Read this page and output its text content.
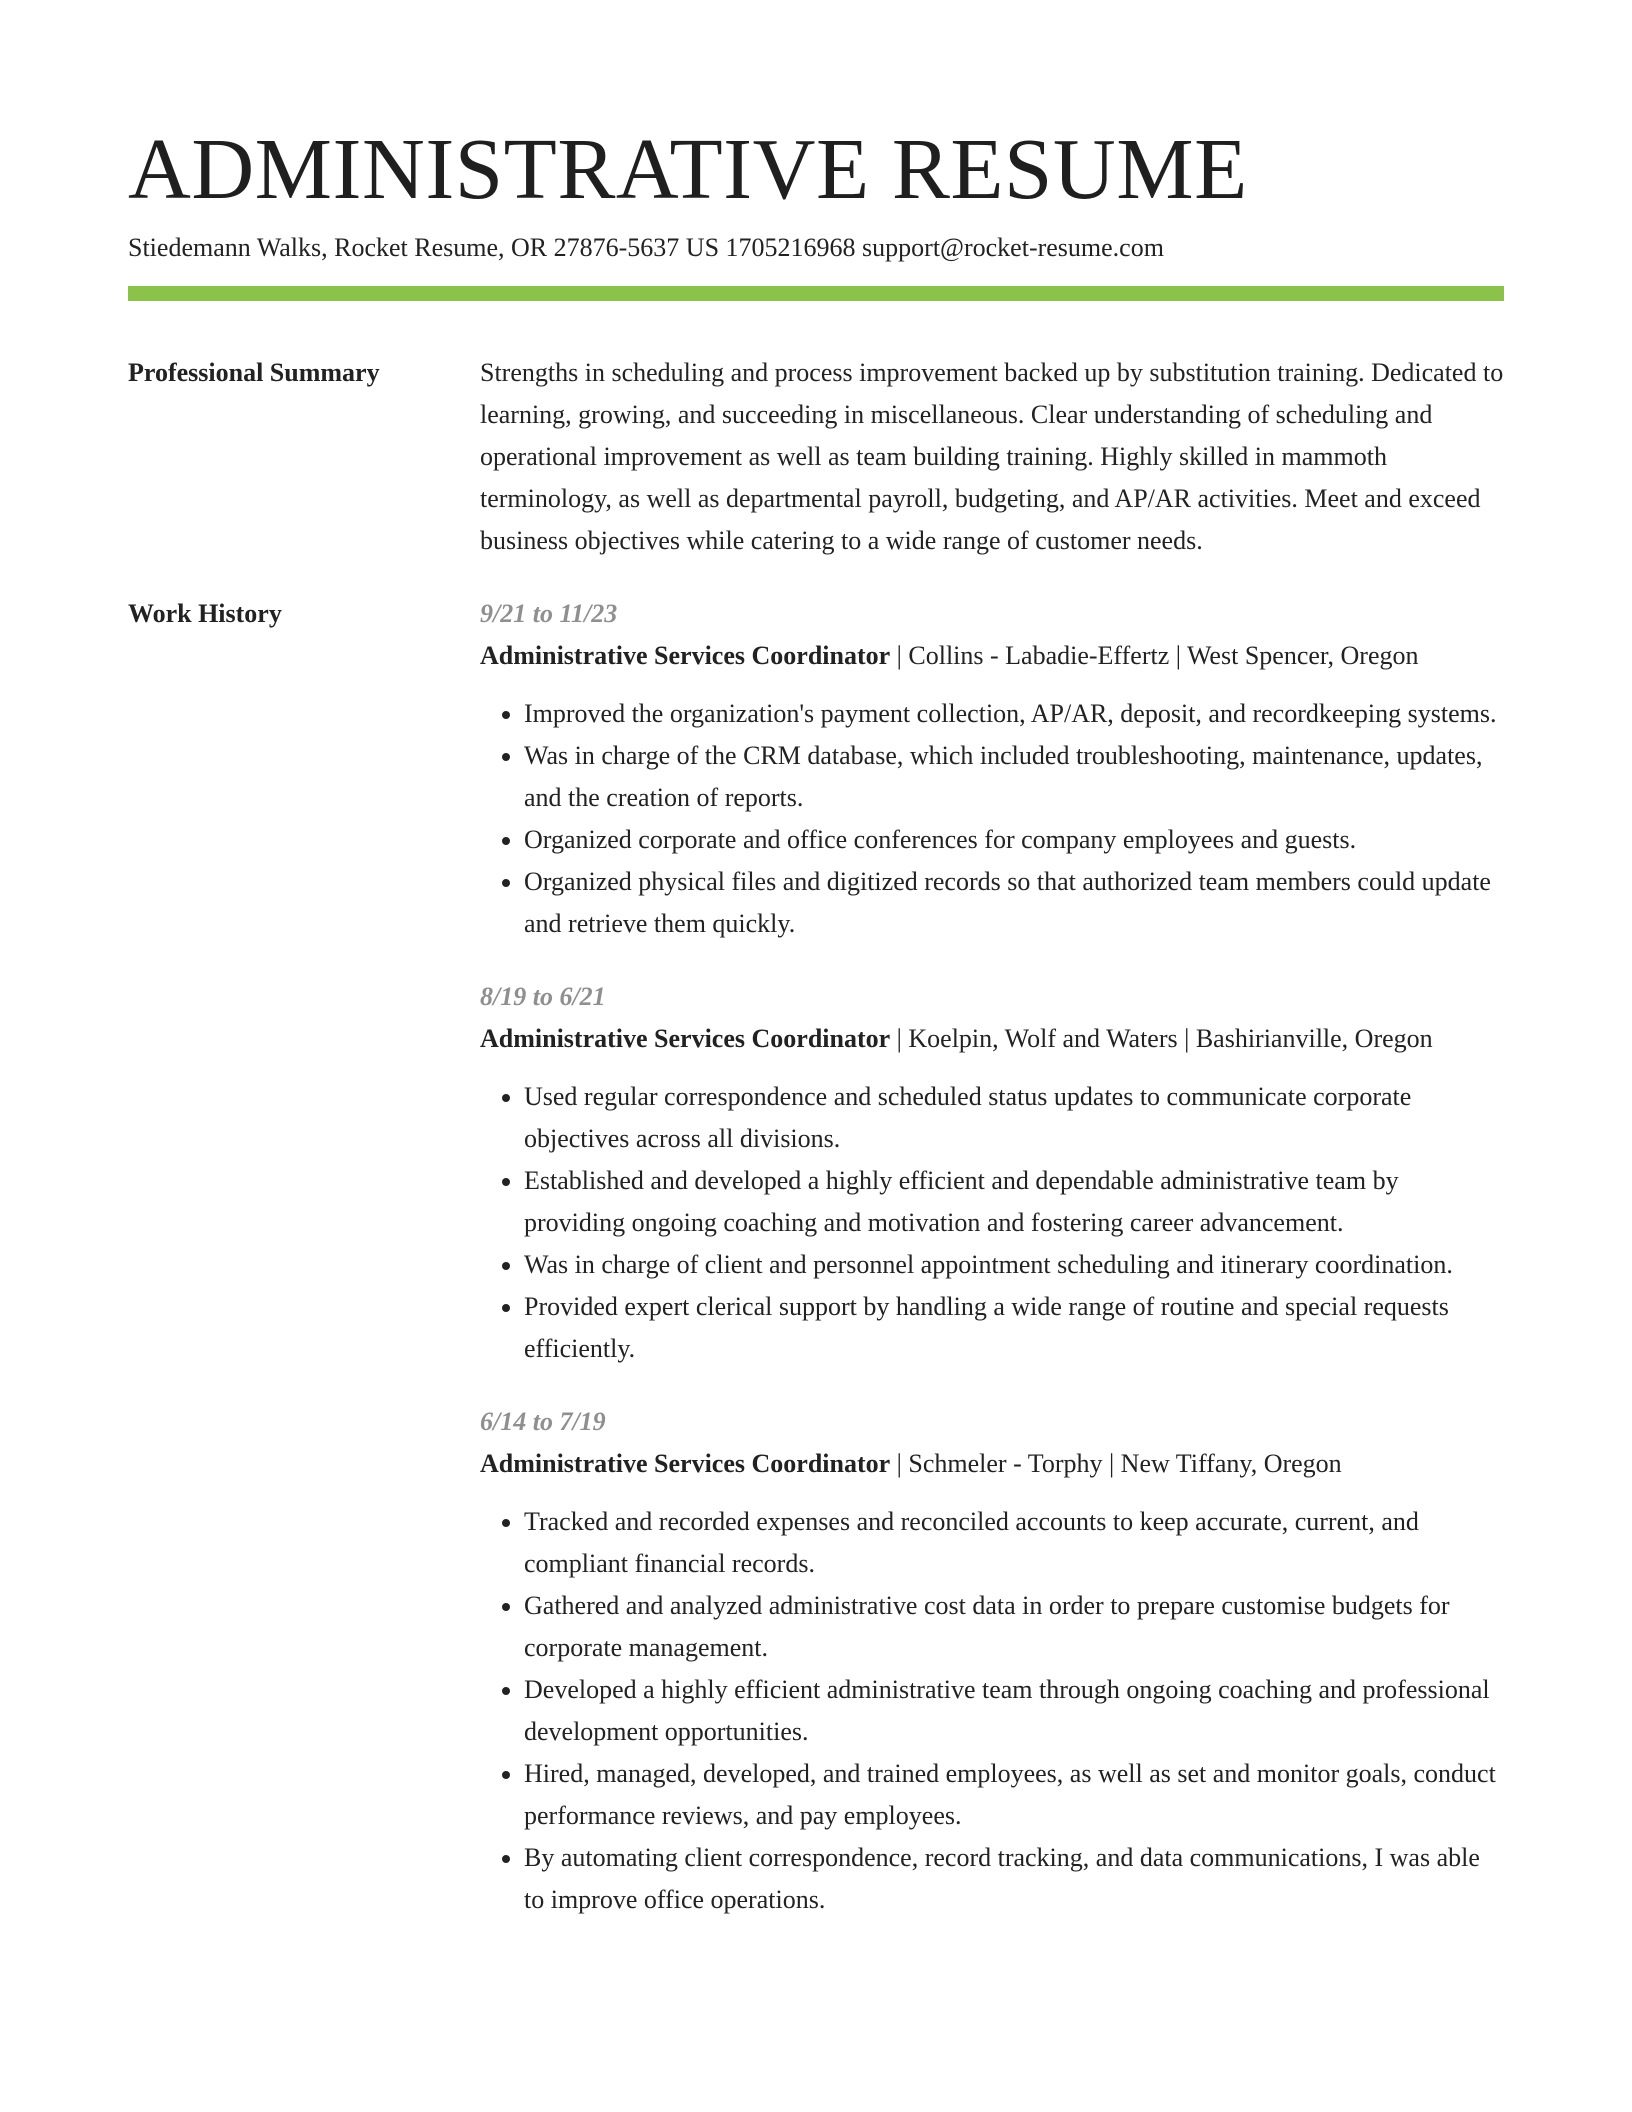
ADMINISTRATIVE RESUME
Stiedemann Walks, Rocket Resume, OR 27876-5637 US 1705216968 support@rocket-resume.com
Professional Summary	Strengths in scheduling and process improvement backed up by substitution training. Dedicated to learning, growing, and succeeding in miscellaneous. Clear understanding of scheduling and operational improvement as well as team building training. Highly skilled in mammoth terminology, as well as departmental payroll, budgeting, and AP/AR activities. Meet and exceed business objectives while catering to a wide range of customer needs.
Work History	9/21 to 11/23
Administrative Services Coordinator | Collins - Labadie-Effertz | West Spencer, Oregon
• Improved the organization's payment collection, AP/AR, deposit, and recordkeeping systems.
• Was in charge of the CRM database, which included troubleshooting, maintenance, updates, and the creation of reports.
• Organized corporate and office conferences for company employees and guests.
• Organized physical files and digitized records so that authorized team members could update and retrieve them quickly.
8/19 to 6/21
Administrative Services Coordinator | Koelpin, Wolf and Waters | Bashirianville, Oregon
• Used regular correspondence and scheduled status updates to communicate corporate objectives across all divisions.
• Established and developed a highly efficient and dependable administrative team by providing ongoing coaching and motivation and fostering career advancement.
• Was in charge of client and personnel appointment scheduling and itinerary coordination.
• Provided expert clerical support by handling a wide range of routine and special requests efficiently.
6/14 to 7/19
Administrative Services Coordinator | Schmeler - Torphy | New Tiffany, Oregon
• Tracked and recorded expenses and reconciled accounts to keep accurate, current, and compliant financial records.
• Gathered and analyzed administrative cost data in order to prepare customise budgets for corporate management.
• Developed a highly efficient administrative team through ongoing coaching and professional development opportunities.
• Hired, managed, developed, and trained employees, as well as set and monitor goals, conduct performance reviews, and pay employees.
• By automating client correspondence, record tracking, and data communications, I was able to improve office operations.
